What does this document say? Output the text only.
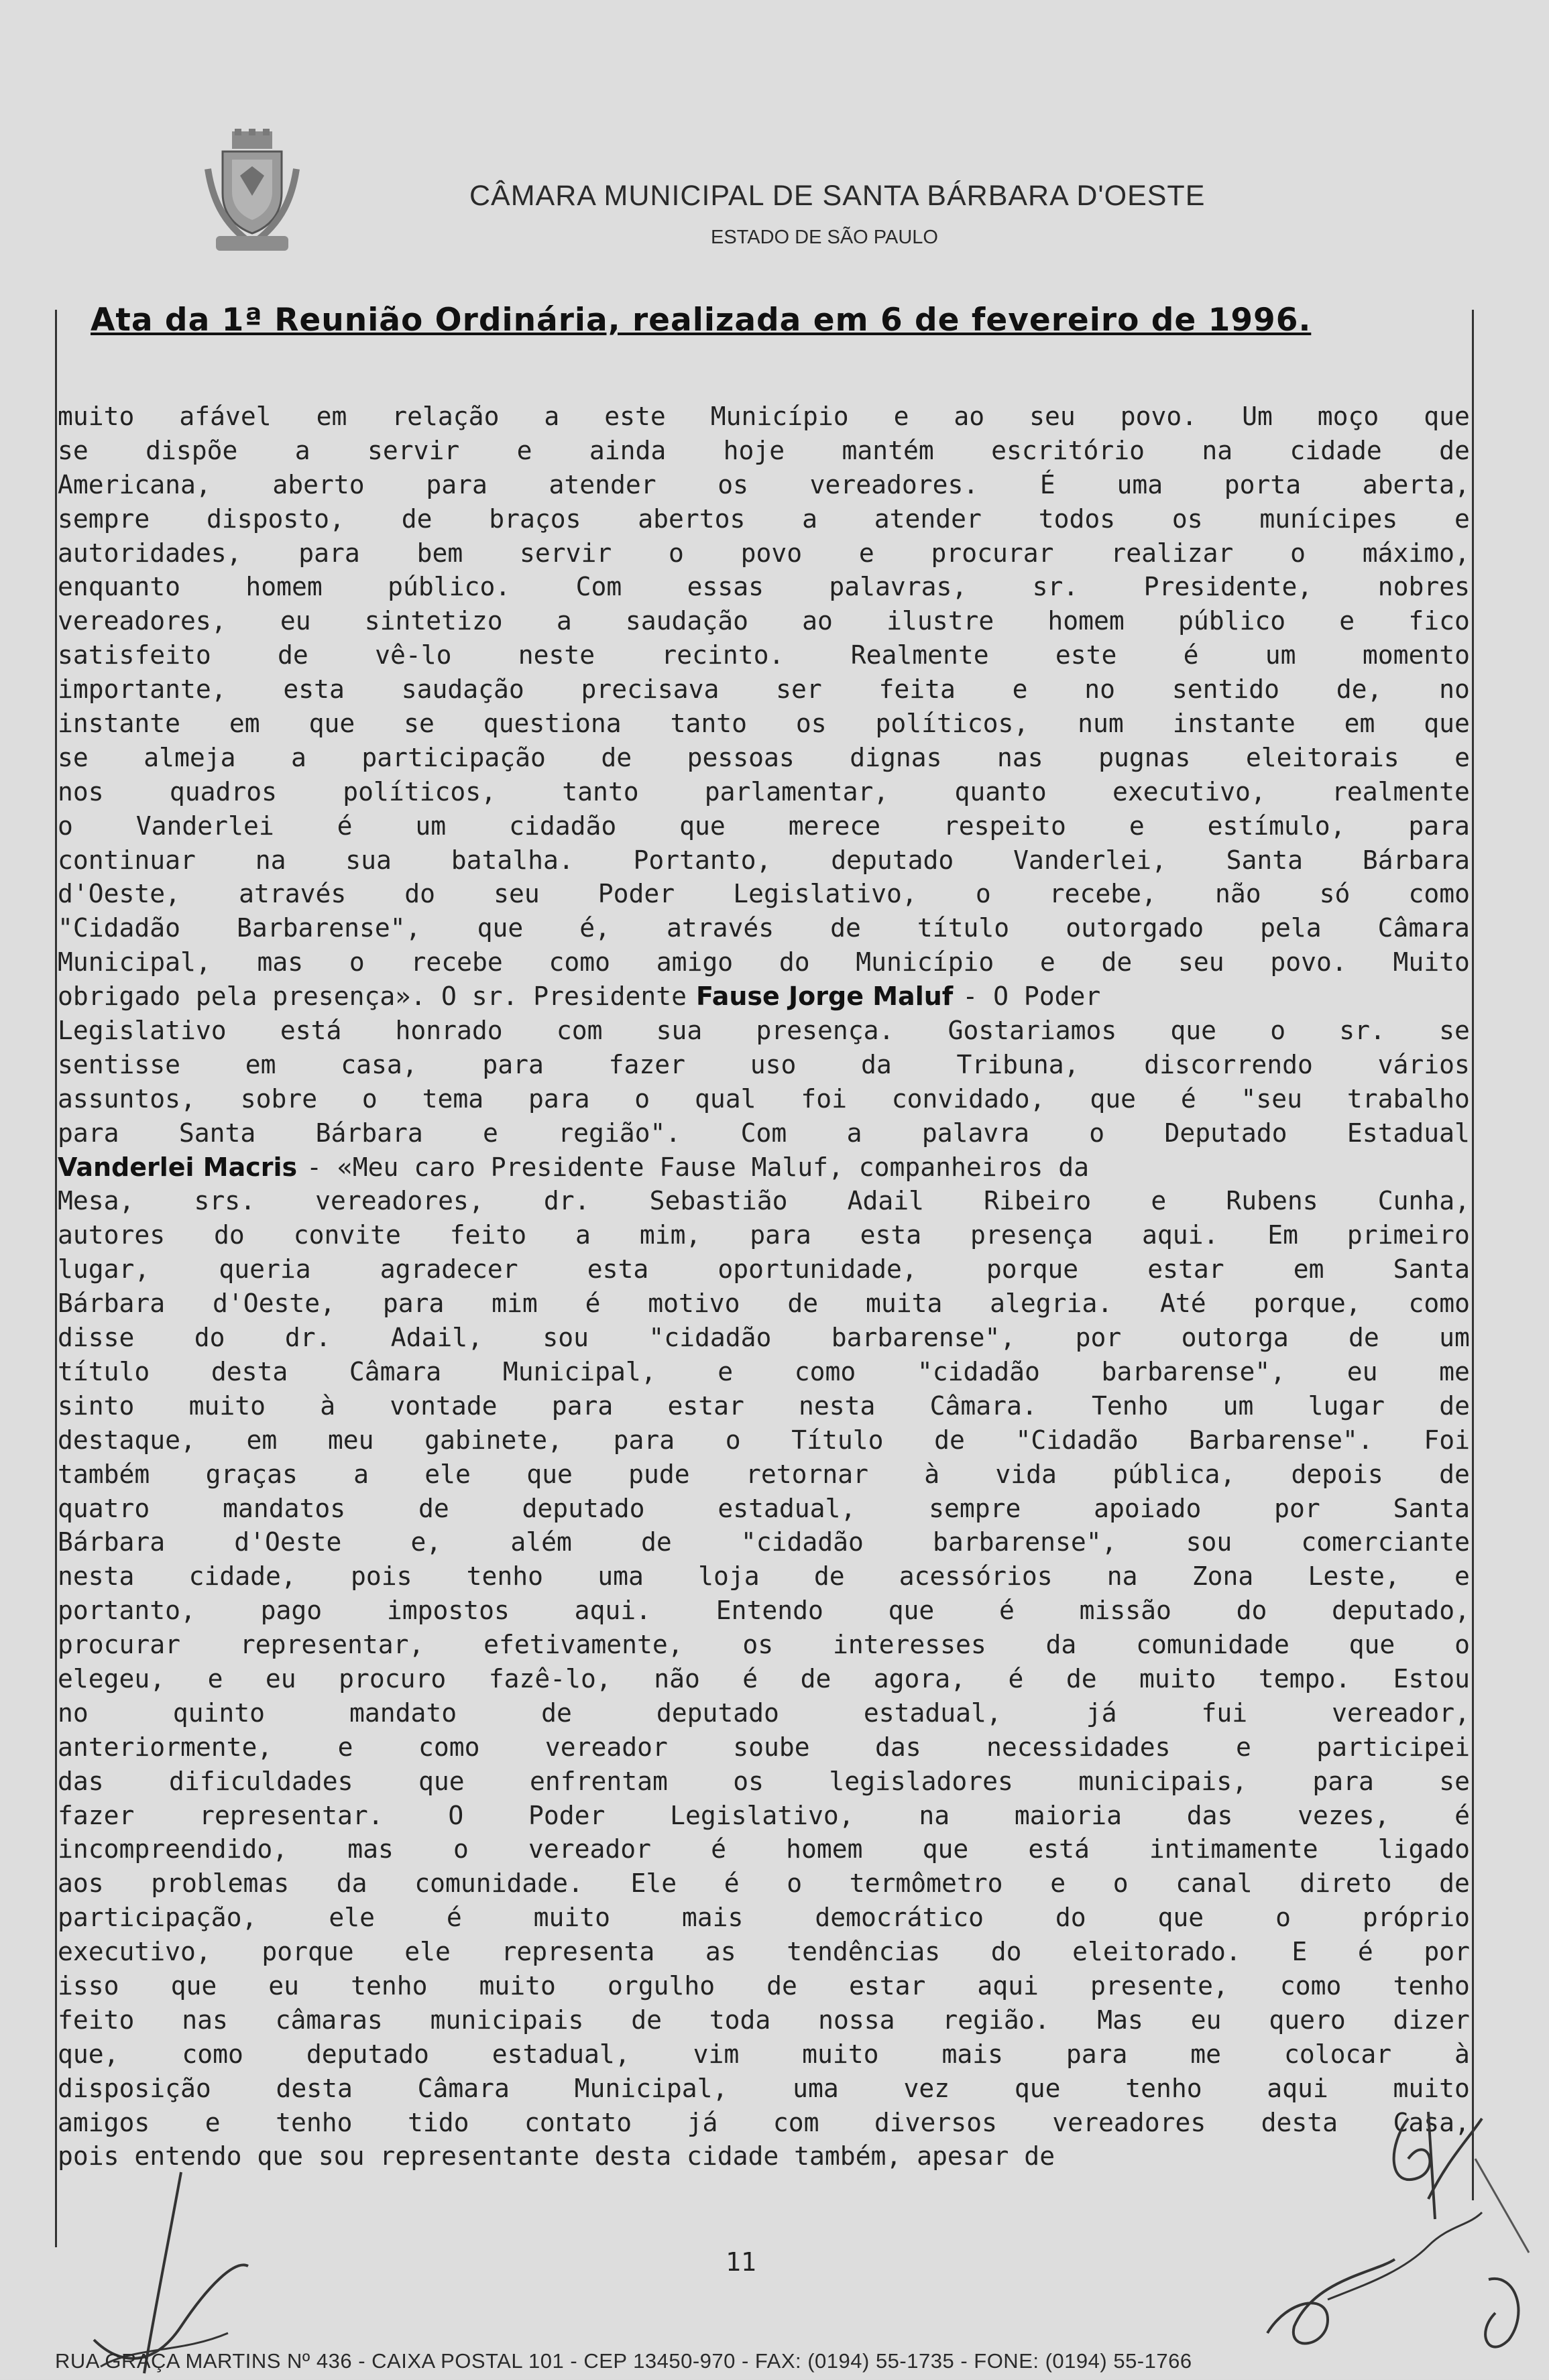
CÂMARA MUNICIPAL DE SANTA BÁRBARA D'OESTE
ESTADO DE SÃO PAULO
Ata da 1ª Reunião Ordinária, realizada em 6 de fevereiro de 1996.
muito afável em relação a este Município e ao seu povo. Um moço que
se dispõe a servir e ainda hoje mantém escritório na cidade de
Americana, aberto para atender os vereadores. É uma porta aberta,
sempre disposto, de braços abertos a atender todos os munícipes e
autoridades, para bem servir o povo e procurar realizar o máximo,
enquanto	homem	público.	Com	essas	palavras,	sr.	Presidente,	nobres
vereadores, eu sintetizo a saudação ao ilustre homem público e fico
satisfeito	de	vê-lo	neste	recinto.	Realmente	este	é	um	momento
importante, esta saudação precisava ser feita e no sentido de, no
instante em que se questiona tanto os políticos, num instante em que
se almeja a participação de pessoas dignas nas pugnas eleitorais e
nos	quadros	políticos,	tanto	parlamentar,	quanto	executivo,	realmente
o Vanderlei é um cidadão que merece respeito e estímulo, para
continuar na sua batalha. Portanto, deputado Vanderlei, Santa Bárbara
d'Oeste, através do seu Poder Legislativo, o recebe, não só como
"Cidadão Barbarense", que é, através de título outorgado pela Câmara
Municipal, mas o recebe como amigo do Município e de seu povo. Muito
obrigado pela presença». O sr. Presidente Fause Jorge Maluf - O Poder
Legislativo está honrado com sua presença. Gostariamos que o sr. se
sentisse	em	casa,	para	fazer	uso	da	Tribuna,	discorrendo	vários
assuntos, sobre o tema para o qual foi convidado, que é "seu trabalho
para Santa Bárbara e região". Com a palavra o Deputado Estadual
Vanderlei Macris - «Meu caro Presidente Fause Maluf, companheiros da
Mesa, srs. vereadores, dr. Sebastião Adail Ribeiro e Rubens Cunha,
autores do convite feito a mim, para esta presença aqui. Em primeiro
lugar,	queria	agradecer	esta	oportunidade,	porque	estar	em	Santa
Bárbara d'Oeste, para mim é motivo de muita alegria. Até porque, como
disse do dr. Adail, sou "cidadão barbarense", por outorga de um
título desta Câmara Municipal, e como "cidadão barbarense", eu me
sinto muito à vontade para estar nesta Câmara. Tenho um lugar de
destaque, em meu gabinete, para o Título de "Cidadão Barbarense". Foi
também graças a ele que pude retornar à vida pública, depois de
quatro	mandatos	de	deputado	estadual,	sempre	apoiado	por	Santa
Bárbara	d'Oeste	e,	além	de	"cidadão	barbarense",	sou	comerciante
nesta cidade, pois tenho uma loja de acessórios na Zona Leste, e
portanto,	pago	impostos	aqui.	Entendo	que	é	missão	do	deputado,
procurar representar, efetivamente, os interesses da comunidade que o
elegeu, e eu procuro fazê-lo, não é de agora, é de muito tempo. Estou
no	quinto	mandato	de	deputado	estadual,	já	fui	vereador,
anteriormente,	e	como	vereador	soube	das	necessidades	e	participei
das	dificuldades	que	enfrentam	os	legisladores	municipais,	para	se
fazer	representar.	O	Poder	Legislativo,	na	maioria	das	vezes,	é
incompreendido, mas o vereador é homem que está intimamente ligado
aos problemas da comunidade. Ele é o termômetro e o canal direto de
participação,	ele	é	muito	mais	democrático	do	que	o	próprio
executivo, porque ele representa as tendências do eleitorado. E é por
isso que eu tenho muito orgulho de estar aqui presente, como tenho
feito nas câmaras municipais de toda nossa região. Mas eu quero dizer
que, como deputado estadual, vim muito mais para me colocar à
disposição	desta	Câmara	Municipal,	uma	vez	que	tenho	aqui	muito
amigos e tenho tido contato já com diversos vereadores desta Casa,
pois entendo que sou representante desta cidade também, apesar de
11
RUA GRAÇA MARTINS Nº 436 - CAIXA POSTAL 101 - CEP 13450-970 - FAX: (0194) 55-1735 - FONE: (0194) 55-1766
